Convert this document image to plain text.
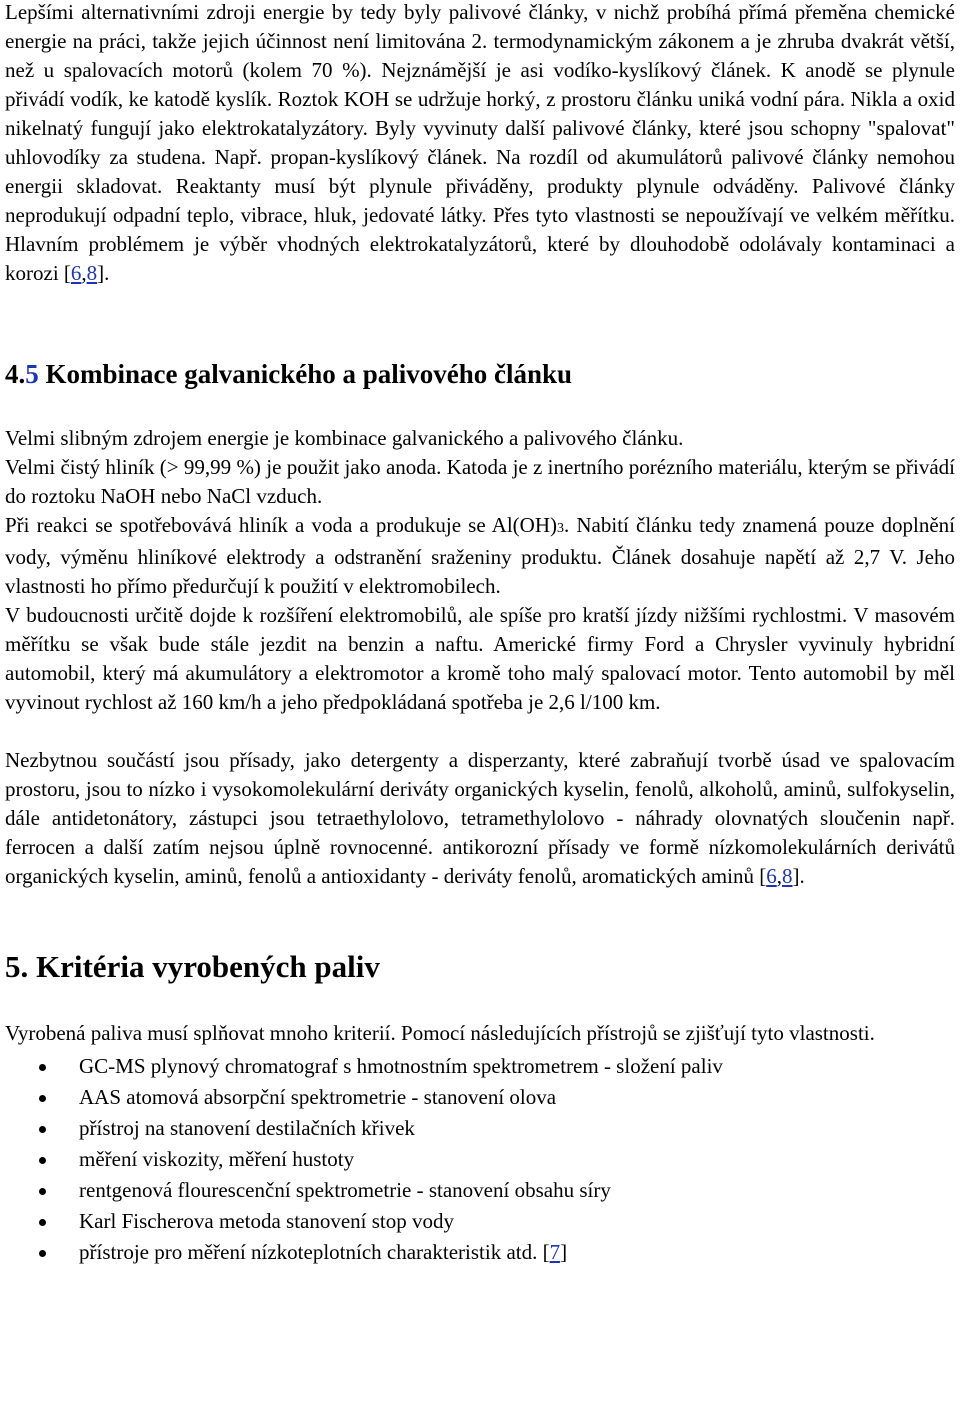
Lepšími alternativními zdroji energie by tedy byly palivové články, v nichž probíhá přímá přeměna chemické energie na práci, takže jejich účinnost není limitována 2. termodynamickým zákonem a je zhruba dvakrát větší, než u spalovacích motorů (kolem 70 %). Nejznámější je asi vodíko-kyslíkový článek. K anodě se plynule přivádí vodík, ke katodě kyslík. Roztok KOH se udržuje horký, z prostoru článku uniká vodní pára. Nikla a oxid nikelnatý fungují jako elektrokatalyzátory. Byly vyvinuty další palivové články, které jsou schopny "spalovat" uhlovodíky za studena. Např. propan-kyslíkový článek. Na rozdíl od akumulátorů palivové články nemohou energii skladovat. Reaktanty musí být plynule přiváděny, produkty plynule odváděny. Palivové články neprodukují odpadní teplo, vibrace, hluk, jedovaté látky. Přes tyto vlastnosti se nepoužívají ve velkém měřítku. Hlavním problémem je výběr vhodných elektrokatalyzátorů, které by dlouhodobě odolávaly kontaminaci a korozi [6,8].

4.5 Kombinace galvanického a palivového článku

Velmi slibným zdrojem energie je kombinace galvanického a palivového článku.

Velmi čistý hliník (> 99,99 %) je použit jako anoda. Katoda je z inertního porézního materiálu, kterým se přivádí do roztoku NaOH nebo NaCl vzduch.

Při reakci se spotřebovává hliník a voda a produkuje se Al(OH)3. Nabití článku tedy znamená pouze doplnění vody, výměnu hliníkové elektrody a odstranění sraženiny produktu. Článek dosahuje napětí až 2,7 V. Jeho vlastnosti ho přímo předurčují k použití v elektromobilech.

V budoucnosti určitě dojde k rozšíření elektromobilů, ale spíše pro kratší jízdy nižšími rychlostmi. V masovém měřítku se však bude stále jezdit na benzin a naftu. Americké firmy Ford a Chrysler vyvinuly hybridní automobil, který má akumulátory a elektromotor a kromě toho malý spalovací motor. Tento automobil by měl vyvinout rychlost až 160 km/h a jeho předpokládaná spotřeba je 2,6 l/100 km.

Nezbytnou součástí jsou přísady, jako detergenty a disperzanty, které zabraňují tvorbě úsad ve spalovacím prostoru, jsou to nízko i vysokomolekulární deriváty organických kyselin, fenolů, alkoholů, aminů, sulfokyselin, dále antidetonátory, zástupci jsou tetraethylolovo, tetramethylolovo - náhrady olovnatých sloučenin např. ferrocen a další zatím nejsou úplně rovnocenné. antikorozní přísady ve formě nízkomolekulárních derivátů organických kyselin, aminů, fenolů a antioxidanty - deriváty fenolů, aromatických aminů [6,8].

5. Kritéria vyrobených paliv

Vyrobená paliva musí splňovat mnoho kriterií. Pomocí následujících přístrojů se zjišťují tyto vlastnosti.

GC-MS plynový chromatograf s hmotnostním spektrometrem - složení paliv
AAS atomová absorpční spektrometrie - stanovení olova
přístroj na stanovení destilačních křivek
měření viskozity, měření hustoty
rentgenová flourescenční spektrometrie - stanovení obsahu síry
Karl Fischerova metoda stanovení stop vody
přístroje pro měření nízkoteplotních charakteristik atd. [7]
